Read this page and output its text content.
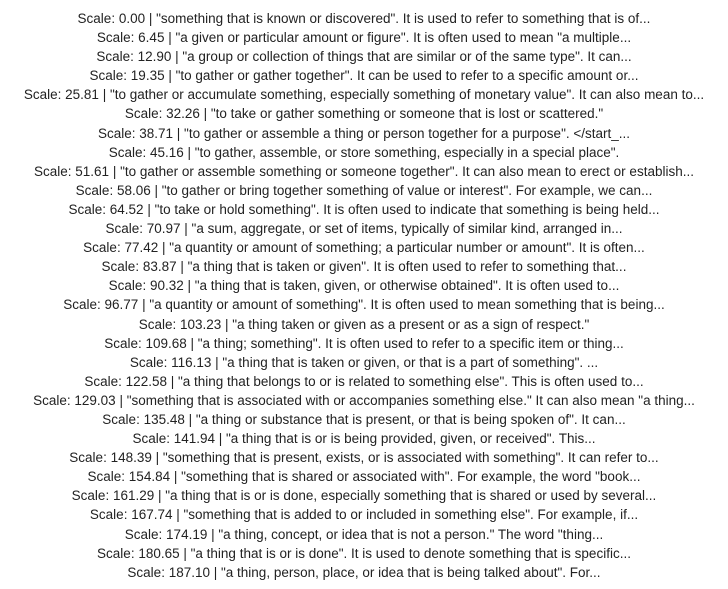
Scale: 0.00 | "something that is known or discovered". It is used to refer to something that is of...

Scale: 6.45 | "a given or particular amount or figure". It is often used to mean "a multiple...

Scale: 12.90 | "a group or collection of things that are similar or of the same type". It can...

Scale: 19.35 | "to gather or gather together". It can be used to refer to a specific amount or...

Scale: 25.81 | "to gather or accumulate something, especially something of monetary value". It can also mean to...

Scale: 32.26 | "to take or gather something or someone that is lost or scattered."

Scale: 38.71 | "to gather or assemble a thing or person together for a purpose". </start_...

Scale: 45.16 | "to gather, assemble, or store something, especially in a special place".

Scale: 51.61 | "to gather or assemble something or someone together". It can also mean to erect or establish...

Scale: 58.06 | "to gather or bring together something of value or interest". For example, we can...

Scale: 64.52 | "to take or hold something". It is often used to indicate that something is being held...

Scale: 70.97 | "a sum, aggregate, or set of items, typically of similar kind, arranged in...

Scale: 77.42 | "a quantity or amount of something; a particular number or amount". It is often...

Scale: 83.87 | "a thing that is taken or given". It is often used to refer to something that...

Scale: 90.32 | "a thing that is taken, given, or otherwise obtained". It is often used to...

Scale: 96.77 | "a quantity or amount of something". It is often used to mean something that is being...

Scale: 103.23 | "a thing taken or given as a present or as a sign of respect."

Scale: 109.68 | "a thing; something". It is often used to refer to a specific item or thing...

Scale: 116.13 | "a thing that is taken or given, or that is a part of something". ...

Scale: 122.58 | "a thing that belongs to or is related to something else". This is often used to...

Scale: 129.03 | "something that is associated with or accompanies something else." It can also mean "a thing...

Scale: 135.48 | "a thing or substance that is present, or that is being spoken of". It can...

Scale: 141.94 | "a thing that is or is being provided, given, or received". This...

Scale: 148.39 | "something that is present, exists, or is associated with something". It can refer to...

Scale: 154.84 | "something that is shared or associated with". For example, the word "book...

Scale: 161.29 | "a thing that is or is done, especially something that is shared or used by several...

Scale: 167.74 | "something that is added to or included in something else". For example, if...

Scale: 174.19 | "a thing, concept, or idea that is not a person." The word "thing...

Scale: 180.65 | "a thing that is or is done". It is used to denote something that is specific...

Scale: 187.10 | "a thing, person, place, or idea that is being talked about". For...
